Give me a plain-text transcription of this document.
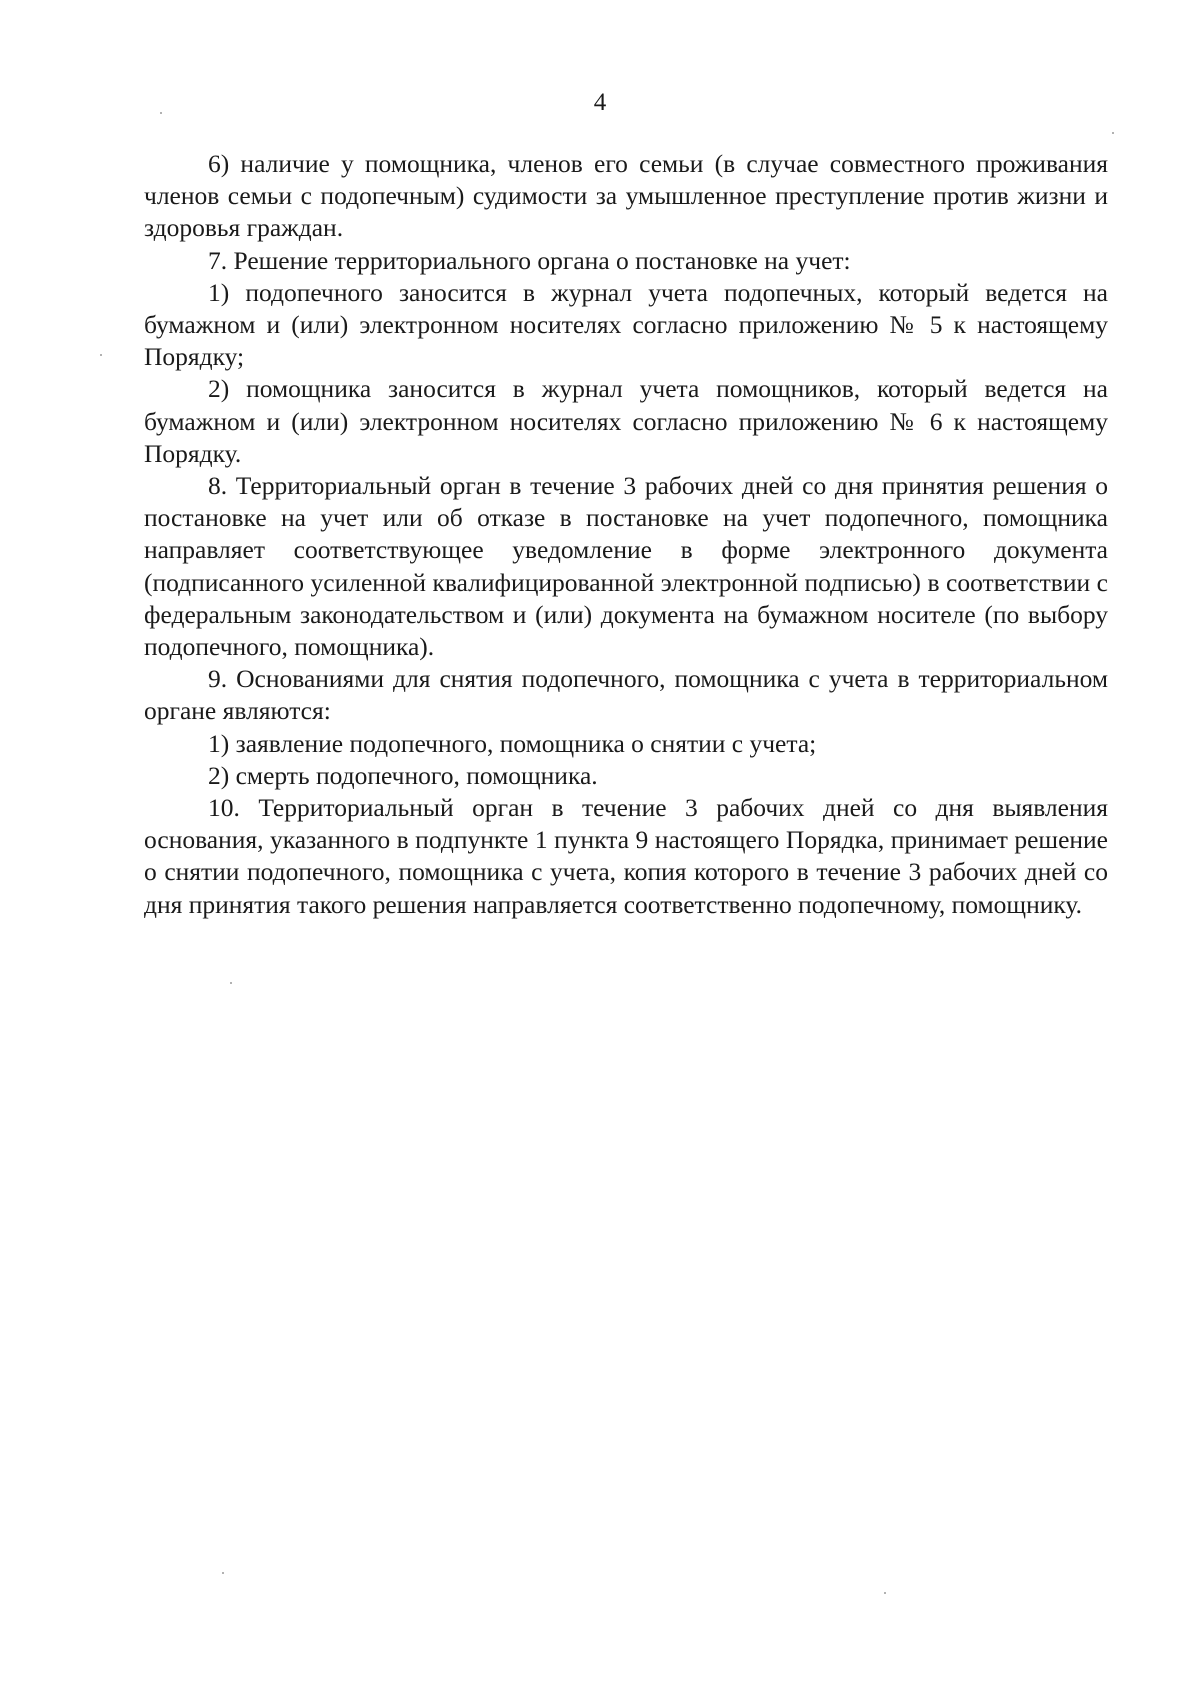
4

6) наличие у помощника, членов его семьи (в случае совместного проживания членов семьи с подопечным) судимости за умышленное преступление против жизни и здоровья граждан.

7. Решение территориального органа о постановке на учет:

1) подопечного заносится в журнал учета подопечных, который ведется на бумажном и (или) электронном носителях согласно приложению № 5 к настоящему Порядку;

2) помощника заносится в журнал учета помощников, который ведется на бумажном и (или) электронном носителях согласно приложению № 6 к настоящему Порядку.

8. Территориальный орган в течение 3 рабочих дней со дня принятия решения о постановке на учет или об отказе в постановке на учет подопечного, помощника направляет соответствующее уведомление в форме электронного документа (подписанного усиленной квалифицированной электронной подписью) в соответствии с федеральным законодательством и (или) документа на бумажном носителе (по выбору подопечного, помощника).

9. Основаниями для снятия подопечного, помощника с учета в территориальном органе являются:

1) заявление подопечного, помощника о снятии с учета;

2) смерть подопечного, помощника.

10. Территориальный орган в течение 3 рабочих дней со дня выявления основания, указанного в подпункте 1 пункта 9 настоящего Порядка, принимает решение о снятии подопечного, помощника с учета, копия которого в течение 3 рабочих дней со дня принятия такого решения направляется соответственно подопечному, помощнику.
